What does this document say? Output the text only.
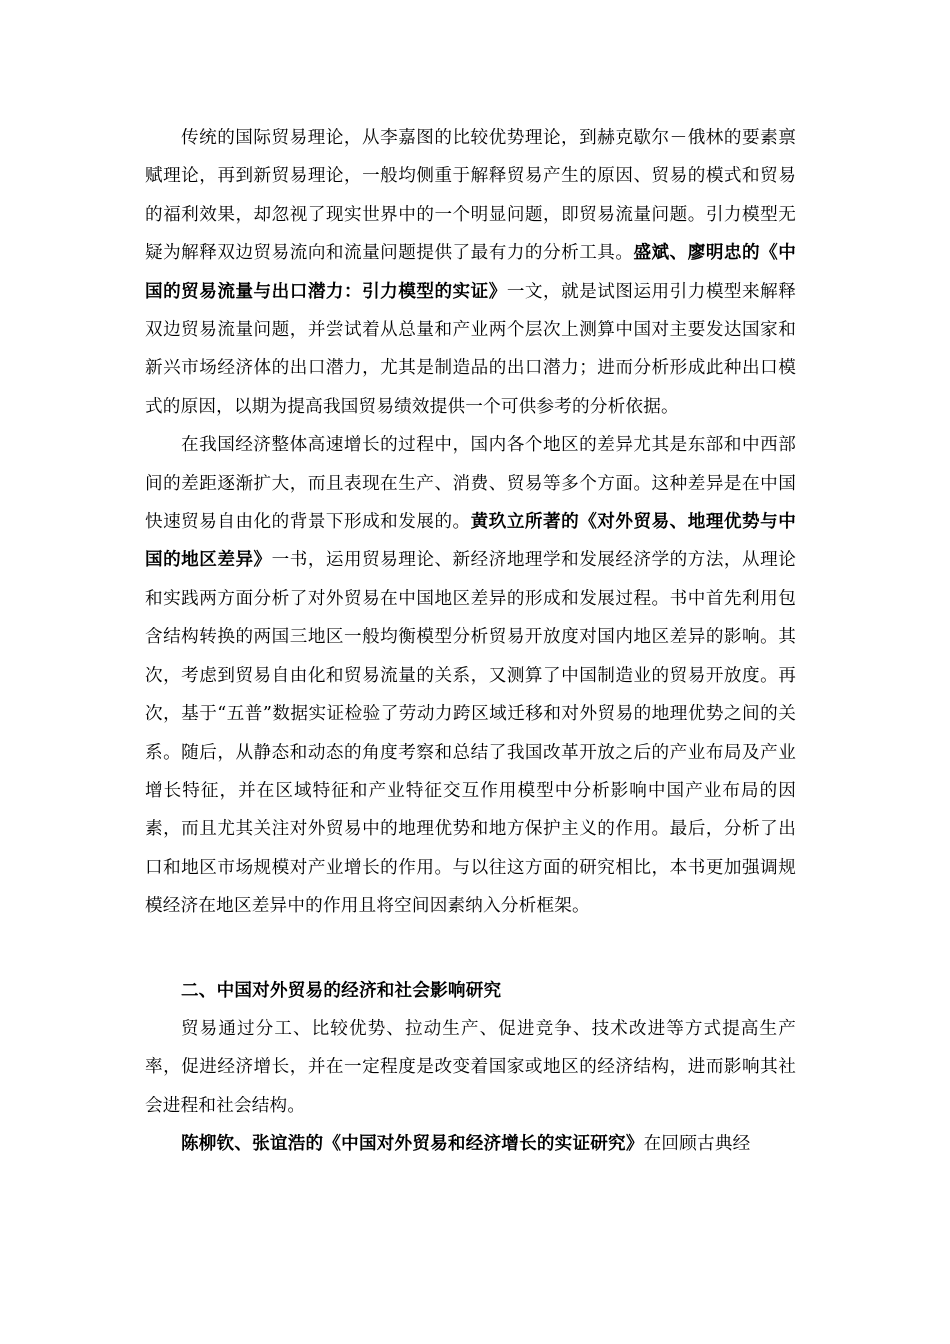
传统的国际贸易理论，从李嘉图的比较优势理论，到赫克歇尔－俄林的要素禀赋理论，再到新贸易理论，一般均侧重于解释贸易产生的原因、贸易的模式和贸易的福利效果，却忽视了现实世界中的一个明显问题，即贸易流量问题。引力模型无疑为解释双边贸易流向和流量问题提供了最有力的分析工具。盛斌、廖明忠的《中国的贸易流量与出口潜力：引力模型的实证》一文，就是试图运用引力模型来解释双边贸易流量问题，并尝试着从总量和产业两个层次上测算中国对主要发达国家和新兴市场经济体的出口潜力，尤其是制造品的出口潜力；进而分析形成此种出口模式的原因，以期为提高我国贸易绩效提供一个可供参考的分析依据。

在我国经济整体高速增长的过程中，国内各个地区的差异尤其是东部和中西部间的差距逐渐扩大，而且表现在生产、消费、贸易等多个方面。这种差异是在中国快速贸易自由化的背景下形成和发展的。黄玖立所著的《对外贸易、地理优势与中国的地区差异》一书，运用贸易理论、新经济地理学和发展经济学的方法，从理论和实践两方面分析了对外贸易在中国地区差异的形成和发展过程。书中首先利用包含结构转换的两国三地区一般均衡模型分析贸易开放度对国内地区差异的影响。其次，考虑到贸易自由化和贸易流量的关系，又测算了中国制造业的贸易开放度。再次，基于“五普”数据实证检验了劳动力跨区域迁移和对外贸易的地理优势之间的关系。随后，从静态和动态的角度考察和总结了我国改革开放之后的产业布局及产业增长特征，并在区域特征和产业特征交互作用模型中分析影响中国产业布局的因素，而且尤其关注对外贸易中的地理优势和地方保护主义的作用。最后，分析了出口和地区市场规模对产业增长的作用。与以往这方面的研究相比，本书更加强调规模经济在地区差异中的作用且将空间因素纳入分析框架。

二、中国对外贸易的经济和社会影响研究

贸易通过分工、比较优势、拉动生产、促进竞争、技术改进等方式提高生产率，促进经济增长，并在一定程度是改变着国家或地区的经济结构，进而影响其社会进程和社会结构。

陈柳钦、张谊浩的《中国对外贸易和经济增长的实证研究》在回顾古典经
